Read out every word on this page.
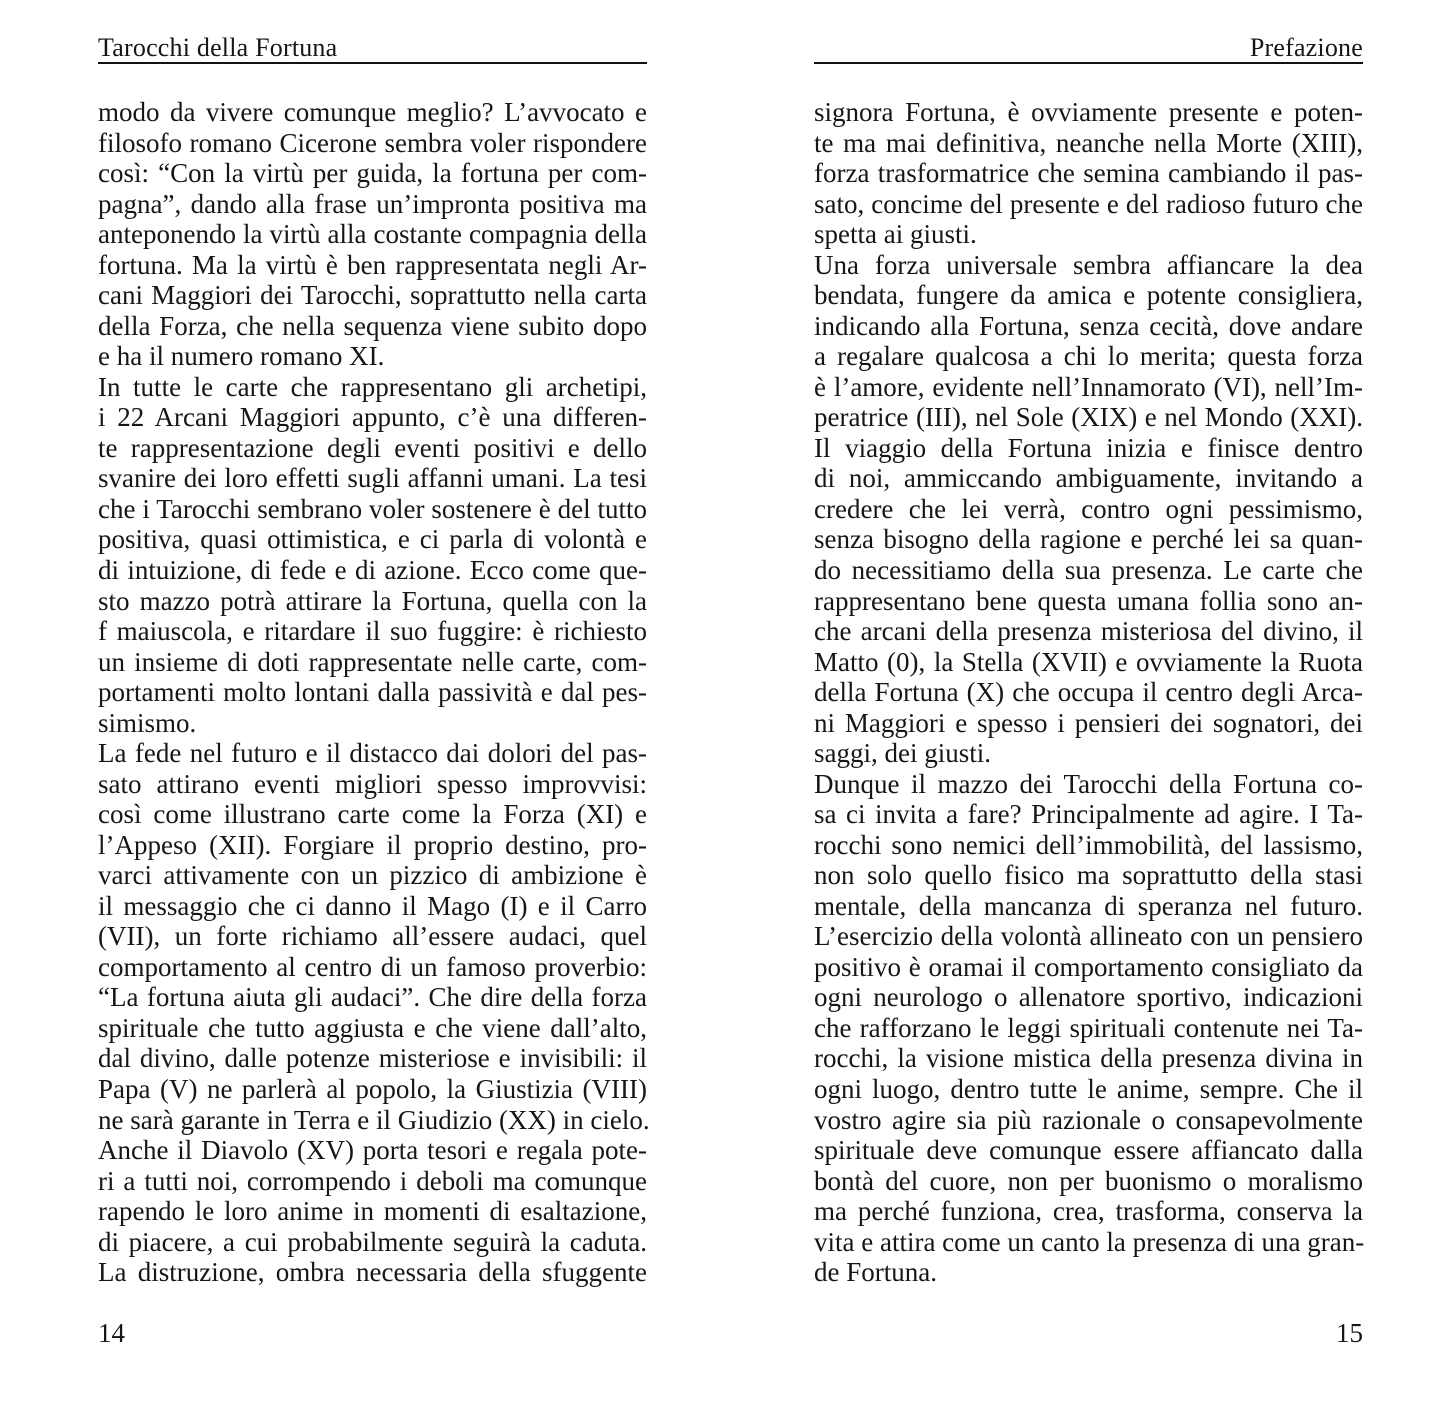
Tarocchi della Fortuna
modo da vivere comunque meglio? L’avvocato e
filosofo romano Cicerone sembra voler rispondere
così: “Con la virtù per guida, la fortuna per com-
pagna”, dando alla frase un’impronta positiva ma
anteponendo la virtù alla costante compagnia della
fortuna. Ma la virtù è ben rappresentata negli Ar-
cani Maggiori dei Tarocchi, soprattutto nella carta
della Forza, che nella sequenza viene subito dopo
e ha il numero romano XI.
In tutte le carte che rappresentano gli archetipi,
i 22 Arcani Maggiori appunto, c’è una differen-
te rappresentazione degli eventi positivi e dello
svanire dei loro effetti sugli affanni umani. La tesi
che i Tarocchi sembrano voler sostenere è del tutto
positiva, quasi ottimistica, e ci parla di volontà e
di intuizione, di fede e di azione. Ecco come que-
sto mazzo potrà attirare la Fortuna, quella con la
f maiuscola, e ritardare il suo fuggire: è richiesto
un insieme di doti rappresentate nelle carte, com-
portamenti molto lontani dalla passività e dal pes-
simismo.
La fede nel futuro e il distacco dai dolori del pas-
sato attirano eventi migliori spesso improvvisi:
così come illustrano carte come la Forza (XI) e
l’Appeso (XII). Forgiare il proprio destino, pro-
varci attivamente con un pizzico di ambizione è
il messaggio che ci danno il Mago (I) e il Carro
(VII), un forte richiamo all’essere audaci, quel
comportamento al centro di un famoso proverbio:
“La fortuna aiuta gli audaci”. Che dire della forza
spirituale che tutto aggiusta e che viene dall’alto,
dal divino, dalle potenze misteriose e invisibili: il
Papa (V) ne parlerà al popolo, la Giustizia (VIII)
ne sarà garante in Terra e il Giudizio (XX) in cielo.
Anche il Diavolo (XV) porta tesori e regala pote-
ri a tutti noi, corrompendo i deboli ma comunque
rapendo le loro anime in momenti di esaltazione,
di piacere, a cui probabilmente seguirà la caduta.
La distruzione, ombra necessaria della sfuggente
14
Prefazione
signora Fortuna, è ovviamente presente e poten-
te ma mai definitiva, neanche nella Morte (XIII),
forza trasformatrice che semina cambiando il pas-
sato, concime del presente e del radioso futuro che
spetta ai giusti.
Una forza universale sembra affiancare la dea
bendata, fungere da amica e potente consigliera,
indicando alla Fortuna, senza cecità, dove andare
a regalare qualcosa a chi lo merita; questa forza
è l’amore, evidente nell’Innamorato (VI), nell’Im-
peratrice (III), nel Sole (XIX) e nel Mondo (XXI).
Il viaggio della Fortuna inizia e finisce dentro
di noi, ammiccando ambiguamente, invitando a
credere che lei verrà, contro ogni pessimismo,
senza bisogno della ragione e perché lei sa quan-
do necessitiamo della sua presenza. Le carte che
rappresentano bene questa umana follia sono an-
che arcani della presenza misteriosa del divino, il
Matto (0), la Stella (XVII) e ovviamente la Ruota
della Fortuna (X) che occupa il centro degli Arca-
ni Maggiori e spesso i pensieri dei sognatori, dei
saggi, dei giusti.
Dunque il mazzo dei Tarocchi della Fortuna co-
sa ci invita a fare? Principalmente ad agire. I Ta-
rocchi sono nemici dell’immobilità, del lassismo,
non solo quello fisico ma soprattutto della stasi
mentale, della mancanza di speranza nel futuro.
L’esercizio della volontà allineato con un pensiero
positivo è oramai il comportamento consigliato da
ogni neurologo o allenatore sportivo, indicazioni
che rafforzano le leggi spirituali contenute nei Ta-
rocchi, la visione mistica della presenza divina in
ogni luogo, dentro tutte le anime, sempre. Che il
vostro agire sia più razionale o consapevolmente
spirituale deve comunque essere affiancato dalla
bontà del cuore, non per buonismo o moralismo
ma perché funziona, crea, trasforma, conserva la
vita e attira come un canto la presenza di una gran-
de Fortuna.
15
